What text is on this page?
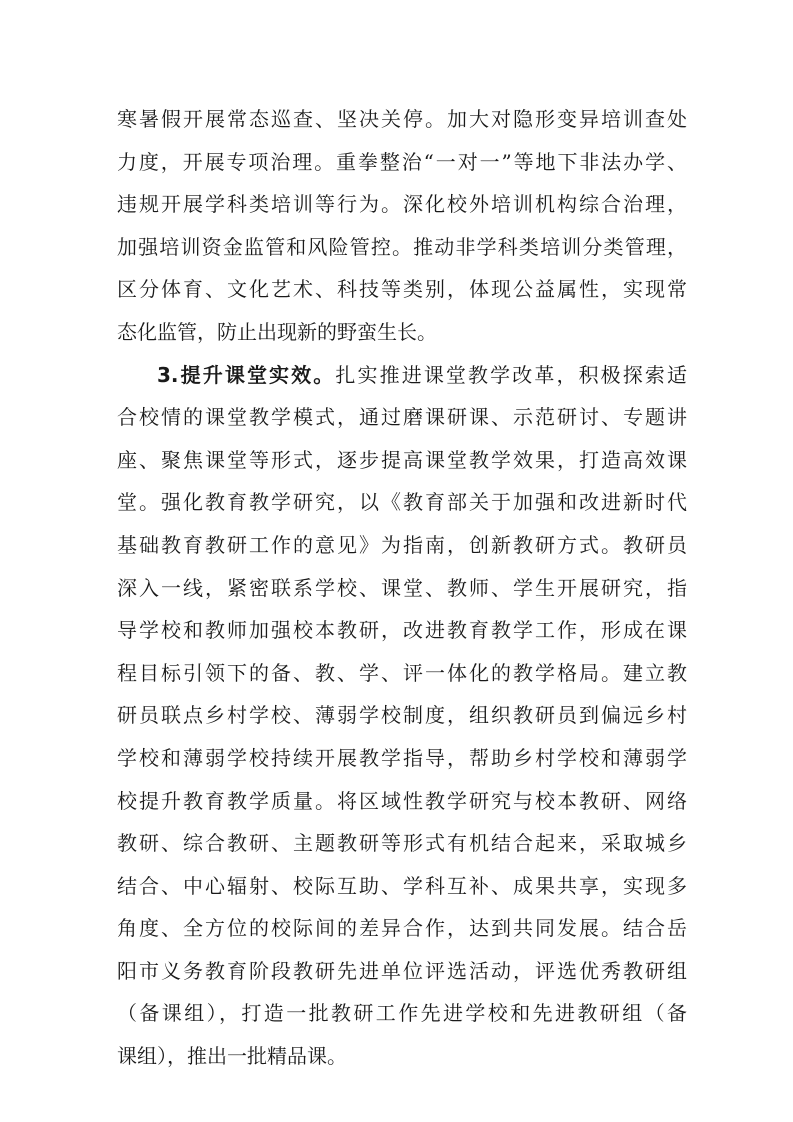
寒暑假开展常态巡查、坚决关停。加大对隐形变异培训查处
力度，开展专项治理。重拳整治“一对一”等地下非法办学、
违规开展学科类培训等行为。深化校外培训机构综合治理，
加强培训资金监管和风险管控。推动非学科类培训分类管理，
区分体育、文化艺术、科技等类别，体现公益属性，实现常
态化监管，防止出现新的野蛮生长。
3.提升课堂实效。扎实推进课堂教学改革，积极探索适
合校情的课堂教学模式，通过磨课研课、示范研讨、专题讲
座、聚焦课堂等形式，逐步提高课堂教学效果，打造高效课
堂。强化教育教学研究，以《教育部关于加强和改进新时代
基础教育教研工作的意见》为指南，创新教研方式。教研员
深入一线，紧密联系学校、课堂、教师、学生开展研究，指
导学校和教师加强校本教研，改进教育教学工作，形成在课
程目标引领下的备、教、学、评一体化的教学格局。建立教
研员联点乡村学校、薄弱学校制度，组织教研员到偏远乡村
学校和薄弱学校持续开展教学指导，帮助乡村学校和薄弱学
校提升教育教学质量。将区域性教学研究与校本教研、网络
教研、综合教研、主题教研等形式有机结合起来，采取城乡
结合、中心辐射、校际互助、学科互补、成果共享，实现多
角度、全方位的校际间的差异合作，达到共同发展。结合岳
阳市义务教育阶段教研先进单位评选活动，评选优秀教研组
（备课组），打造一批教研工作先进学校和先进教研组（备
课组），推出一批精品课。
